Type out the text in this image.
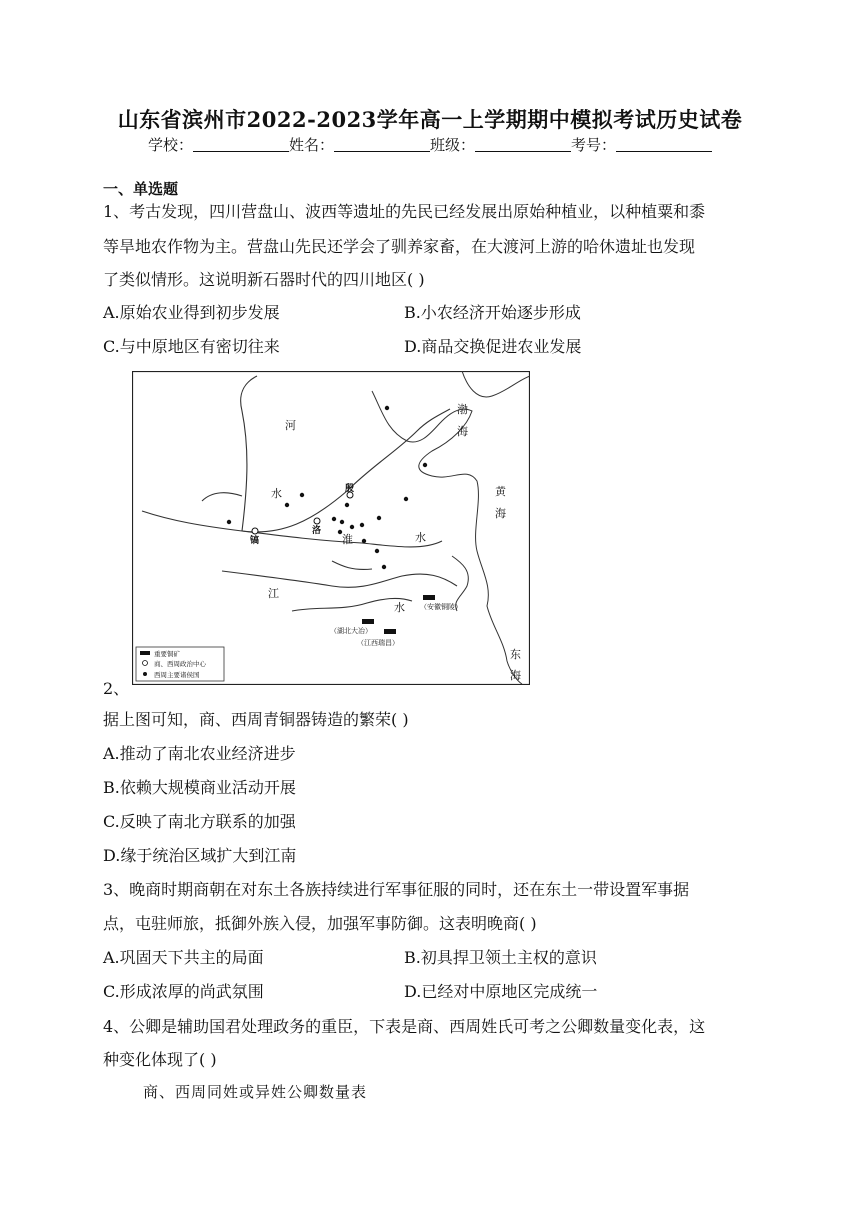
山东省滨州市2022-2023学年高一上学期期中模拟考试历史试卷
学校：	姓名：	班级：	考号：
一、单选题
1、考古发现，四川营盘山、波西等遗址的先民已经发展出原始种植业，以种植粟和黍
等旱地农作物为主。营盘山先民还学会了驯养家畜，在大渡河上游的哈休遗址也发现
了类似情形。这说明新石器时代的四川地区( )
A.原始农业得到初步发展	B.小农经济开始逐步形成
C.与中原地区有密切往来	D.商品交换促进农业发展
河
水
淮	水
江
水
渤
海
黄
海
东
海
殷
镐
洛
（安徽铜陵）
（湖北大冶）
（江西瑞昌）
重要铜矿
商、西周政治中心
西周主要诸侯国
2、
据上图可知，商、西周青铜器铸造的繁荣( )
A.推动了南北农业经济进步
B.依赖大规模商业活动开展
C.反映了南北方联系的加强
D.缘于统治区域扩大到江南
3、晚商时期商朝在对东土各族持续进行军事征服的同时，还在东土一带设置军事据
点，屯驻师旅，抵御外族入侵，加强军事防御。这表明晚商( )
A.巩固天下共主的局面	B.初具捍卫领土主权的意识
C.形成浓厚的尚武氛围	D.已经对中原地区完成统一
4、公卿是辅助国君处理政务的重臣，下表是商、西周姓氏可考之公卿数量变化表，这
种变化体现了( )
商、西周同姓或异姓公卿数量表
